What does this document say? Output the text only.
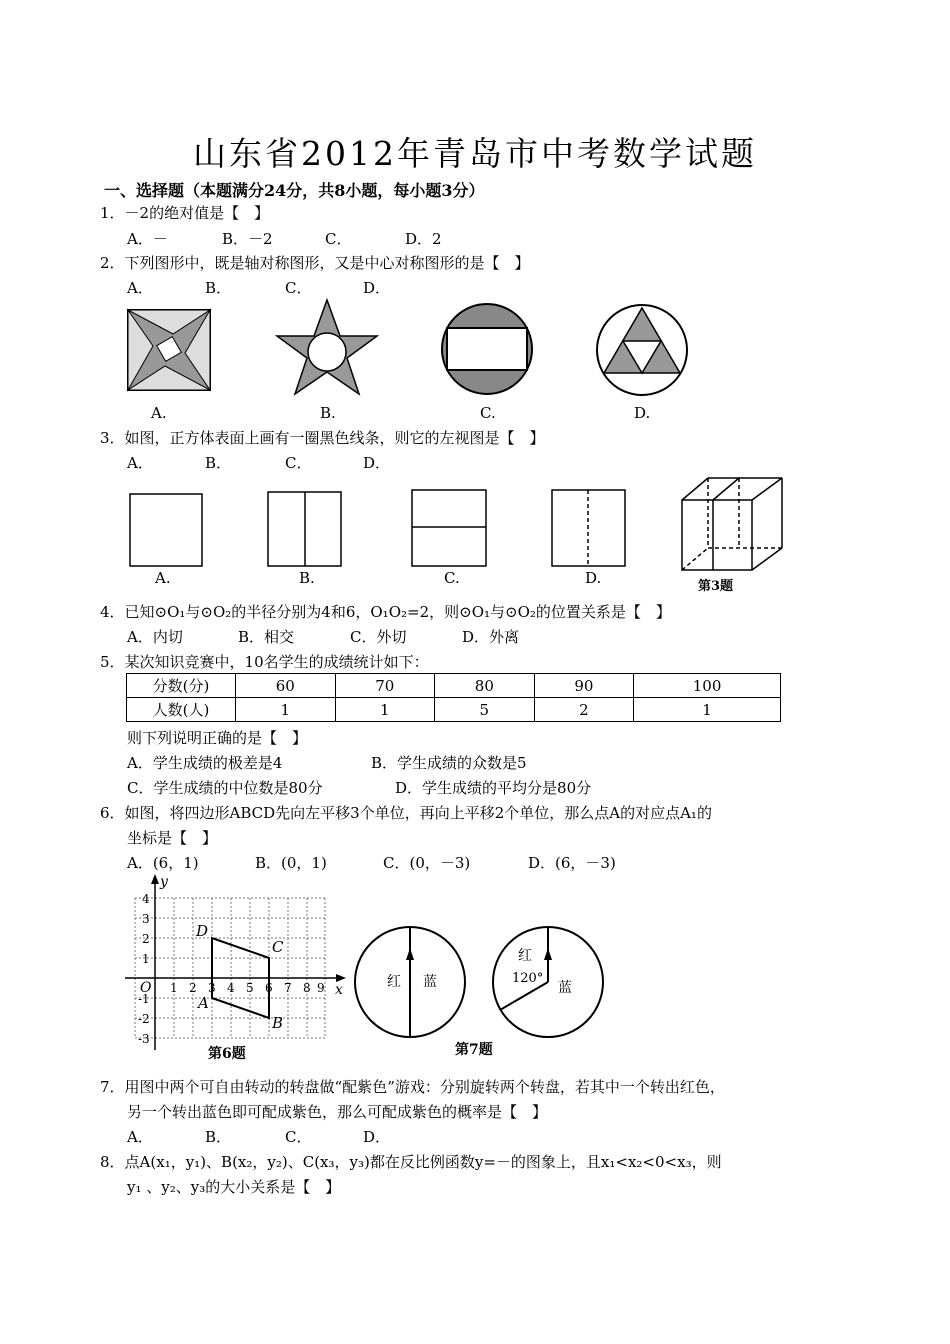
山东省2012年青岛市中考数学试题
一、选择题（本题满分24分，共8小题，每小题3分）
1．－2的绝对值是【　】
A．－	B．－2	C．	D．2
2．下列图形中，既是轴对称图形，又是中心对称图形的是【　】
A．	B．	C．	D．
A.	B.	C.	D.
3．如图，正方体表面上画有一圈黑色线条，则它的左视图是【　】
A．	B．	C．	D．
A.	B.	C.	D.	第3题
4．已知⊙O₁与⊙O₂的半径分别为4和6，O₁O₂=2，则⊙O₁与⊙O₂的位置关系是【　】
A．内切	B．相交	C．外切	D．外离
5．某次知识竞赛中，10名学生的成绩统计如下：
分数(分)	60	70	80	90	100
人数(人)	1	1	5	2	1
则下列说明正确的是【　】
A．学生成绩的极差是4	B．学生成绩的众数是5
C．学生成绩的中位数是80分	D．学生成绩的平均分是80分
6．如图，将四边形ABCD先向左平移3个单位，再向上平移2个单位，那么点A的对应点A₁的
坐标是【　】
A．(6，1)	B．(0，1)	C．(0，－3)	D．(6，－3)
y
x
O 1 2 3 4 5 6 7 8 9
4
3
2
1
-1
-2
-3
A
B
C
D
第6题
红 蓝
红
120°
蓝
第7题
7．用图中两个可自由转动的转盘做“配紫色”游戏：分别旋转两个转盘，若其中一个转出红色，
另一个转出蓝色即可配成紫色，那么可配成紫色的概率是【　】
A．	B．	C．	D．
8．点A(x₁，y₁)、B(x₂，y₂)、C(x₃，y₃)都在反比例函数y=－的图象上，且x₁<x₂<0<x₃，则
y₁ 、y₂、y₃的大小关系是【　】
